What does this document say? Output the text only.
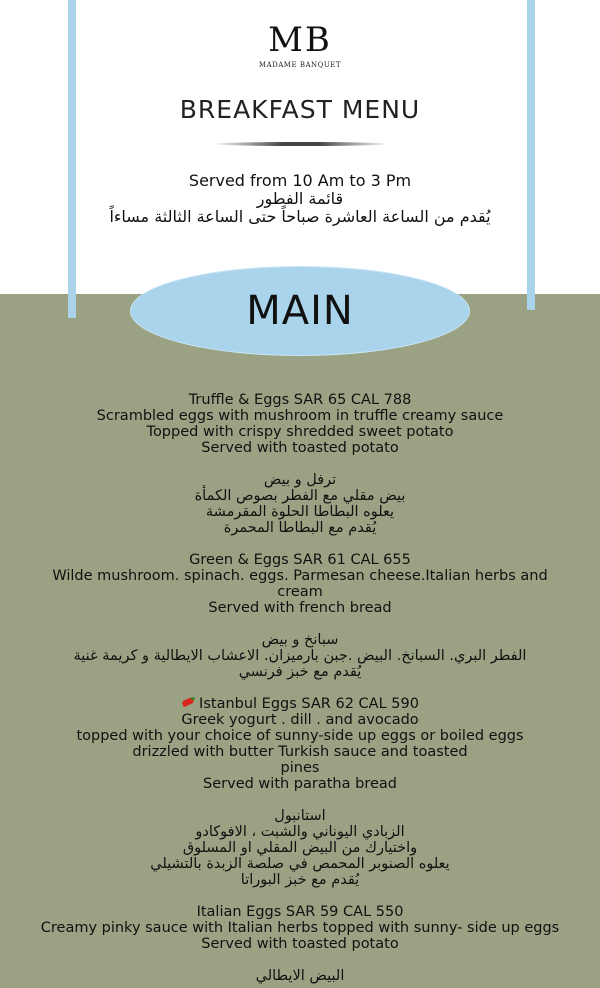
MB
MADAME BANQUET
BREAKFAST MENU
Served from 10 Am to 3 Pm
قائمة الفطور
يُقدم من الساعة العاشرة صباحاً حتى الساعة الثالثة مساءاً
MAIN
Truffle & Eggs SAR 65 CAL 788
Scrambled eggs with mushroom in truffle creamy sauce
Topped with crispy shredded sweet potato
Served with toasted potato
ترفل و بيض
بيض مقلي مع الفطر بصوص الكمأة
يعلوه البطاطا الحلوة المقرمشة
يُقدم مع البطاطا المحمرة
Green & Eggs SAR 61 CAL 655
Wilde mushroom. spinach. eggs. Parmesan cheese.Italian herbs and
cream
Served with french bread
سبانخ و بيض
الفطر البري. السبانخ. البيض .جبن بارميزان. الاعشاب الايطالية و كريمة غنية
يُقدم مع خبز فرنسي
Istanbul Eggs SAR 62 CAL 590
Greek yogurt . dill . and avocado
topped with your choice of sunny-side up eggs or boiled eggs
drizzled with butter Turkish sauce and toasted
pines
Served with paratha bread
استانبول
الزبادي اليوناني والشبت ، الافوكادو
واختيارك من البيض المقلي او المسلوق
يعلوه الصنوبر المحمص في صلصة الزبدة بالتشيلي
يُقدم مع خبز البوراتا
Italian Eggs SAR 59 CAL 550
Creamy pinky sauce with Italian herbs topped with sunny- side up eggs
Served with toasted potato
البيض الايطالي
